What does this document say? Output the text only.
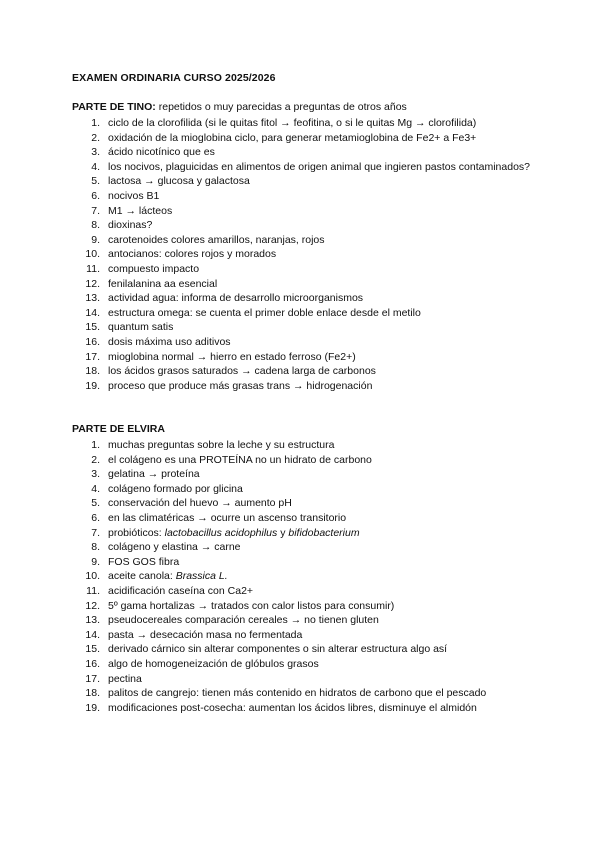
EXAMEN ORDINARIA CURSO 2025/2026
PARTE DE TINO: repetidos o muy parecidas a preguntas de otros años
1. ciclo de la clorofilida (si le quitas fitol → feofitina, o si le quitas Mg → clorofilida)
2. oxidación de la mioglobina ciclo, para generar metamioglobina de Fe2+ a Fe3+
3. ácido nicotínico que es
4. los nocivos, plaguicidas en alimentos de origen animal que ingieren pastos contaminados?
5. lactosa → glucosa y galactosa
6. nocivos B1
7. M1 → lácteos
8. dioxinas?
9. carotenoides colores amarillos, naranjas, rojos
10. antocianos: colores rojos y morados
11. compuesto impacto
12. fenilalanina aa esencial
13. actividad agua: informa de desarrollo microorganismos
14. estructura omega: se cuenta el primer doble enlace desde el metilo
15. quantum satis
16. dosis máxima uso aditivos
17. mioglobina normal → hierro en estado ferroso (Fe2+)
18. los ácidos grasos saturados → cadena larga de carbonos
19. proceso que produce más grasas trans → hidrogenación
PARTE DE ELVIRA
1. muchas preguntas sobre la leche y su estructura
2. el colágeno es una PROTEÍNA no un hidrato de carbono
3. gelatina → proteína
4. colágeno formado por glicina
5. conservación del huevo → aumento pH
6. en las climatéricas → ocurre un ascenso transitorio
7. probióticos: lactobacillus acidophilus y bifidobacterium
8. colágeno y elastina → carne
9. FOS GOS fibra
10. aceite canola: Brassica L.
11. acidificación caseína con Ca2+
12. 5º gama hortalizas → tratados con calor listos para consumir)
13. pseudocereales comparación cereales → no tienen gluten
14. pasta → desecación masa no fermentada
15. derivado cárnico sin alterar componentes o sin alterar estructura algo así
16. algo de homogeneización de glóbulos grasos
17. pectina
18. palitos de cangrejo: tienen más contenido en hidratos de carbono que el pescado
19. modificaciones post-cosecha: aumentan los ácidos libres, disminuye el almidón
